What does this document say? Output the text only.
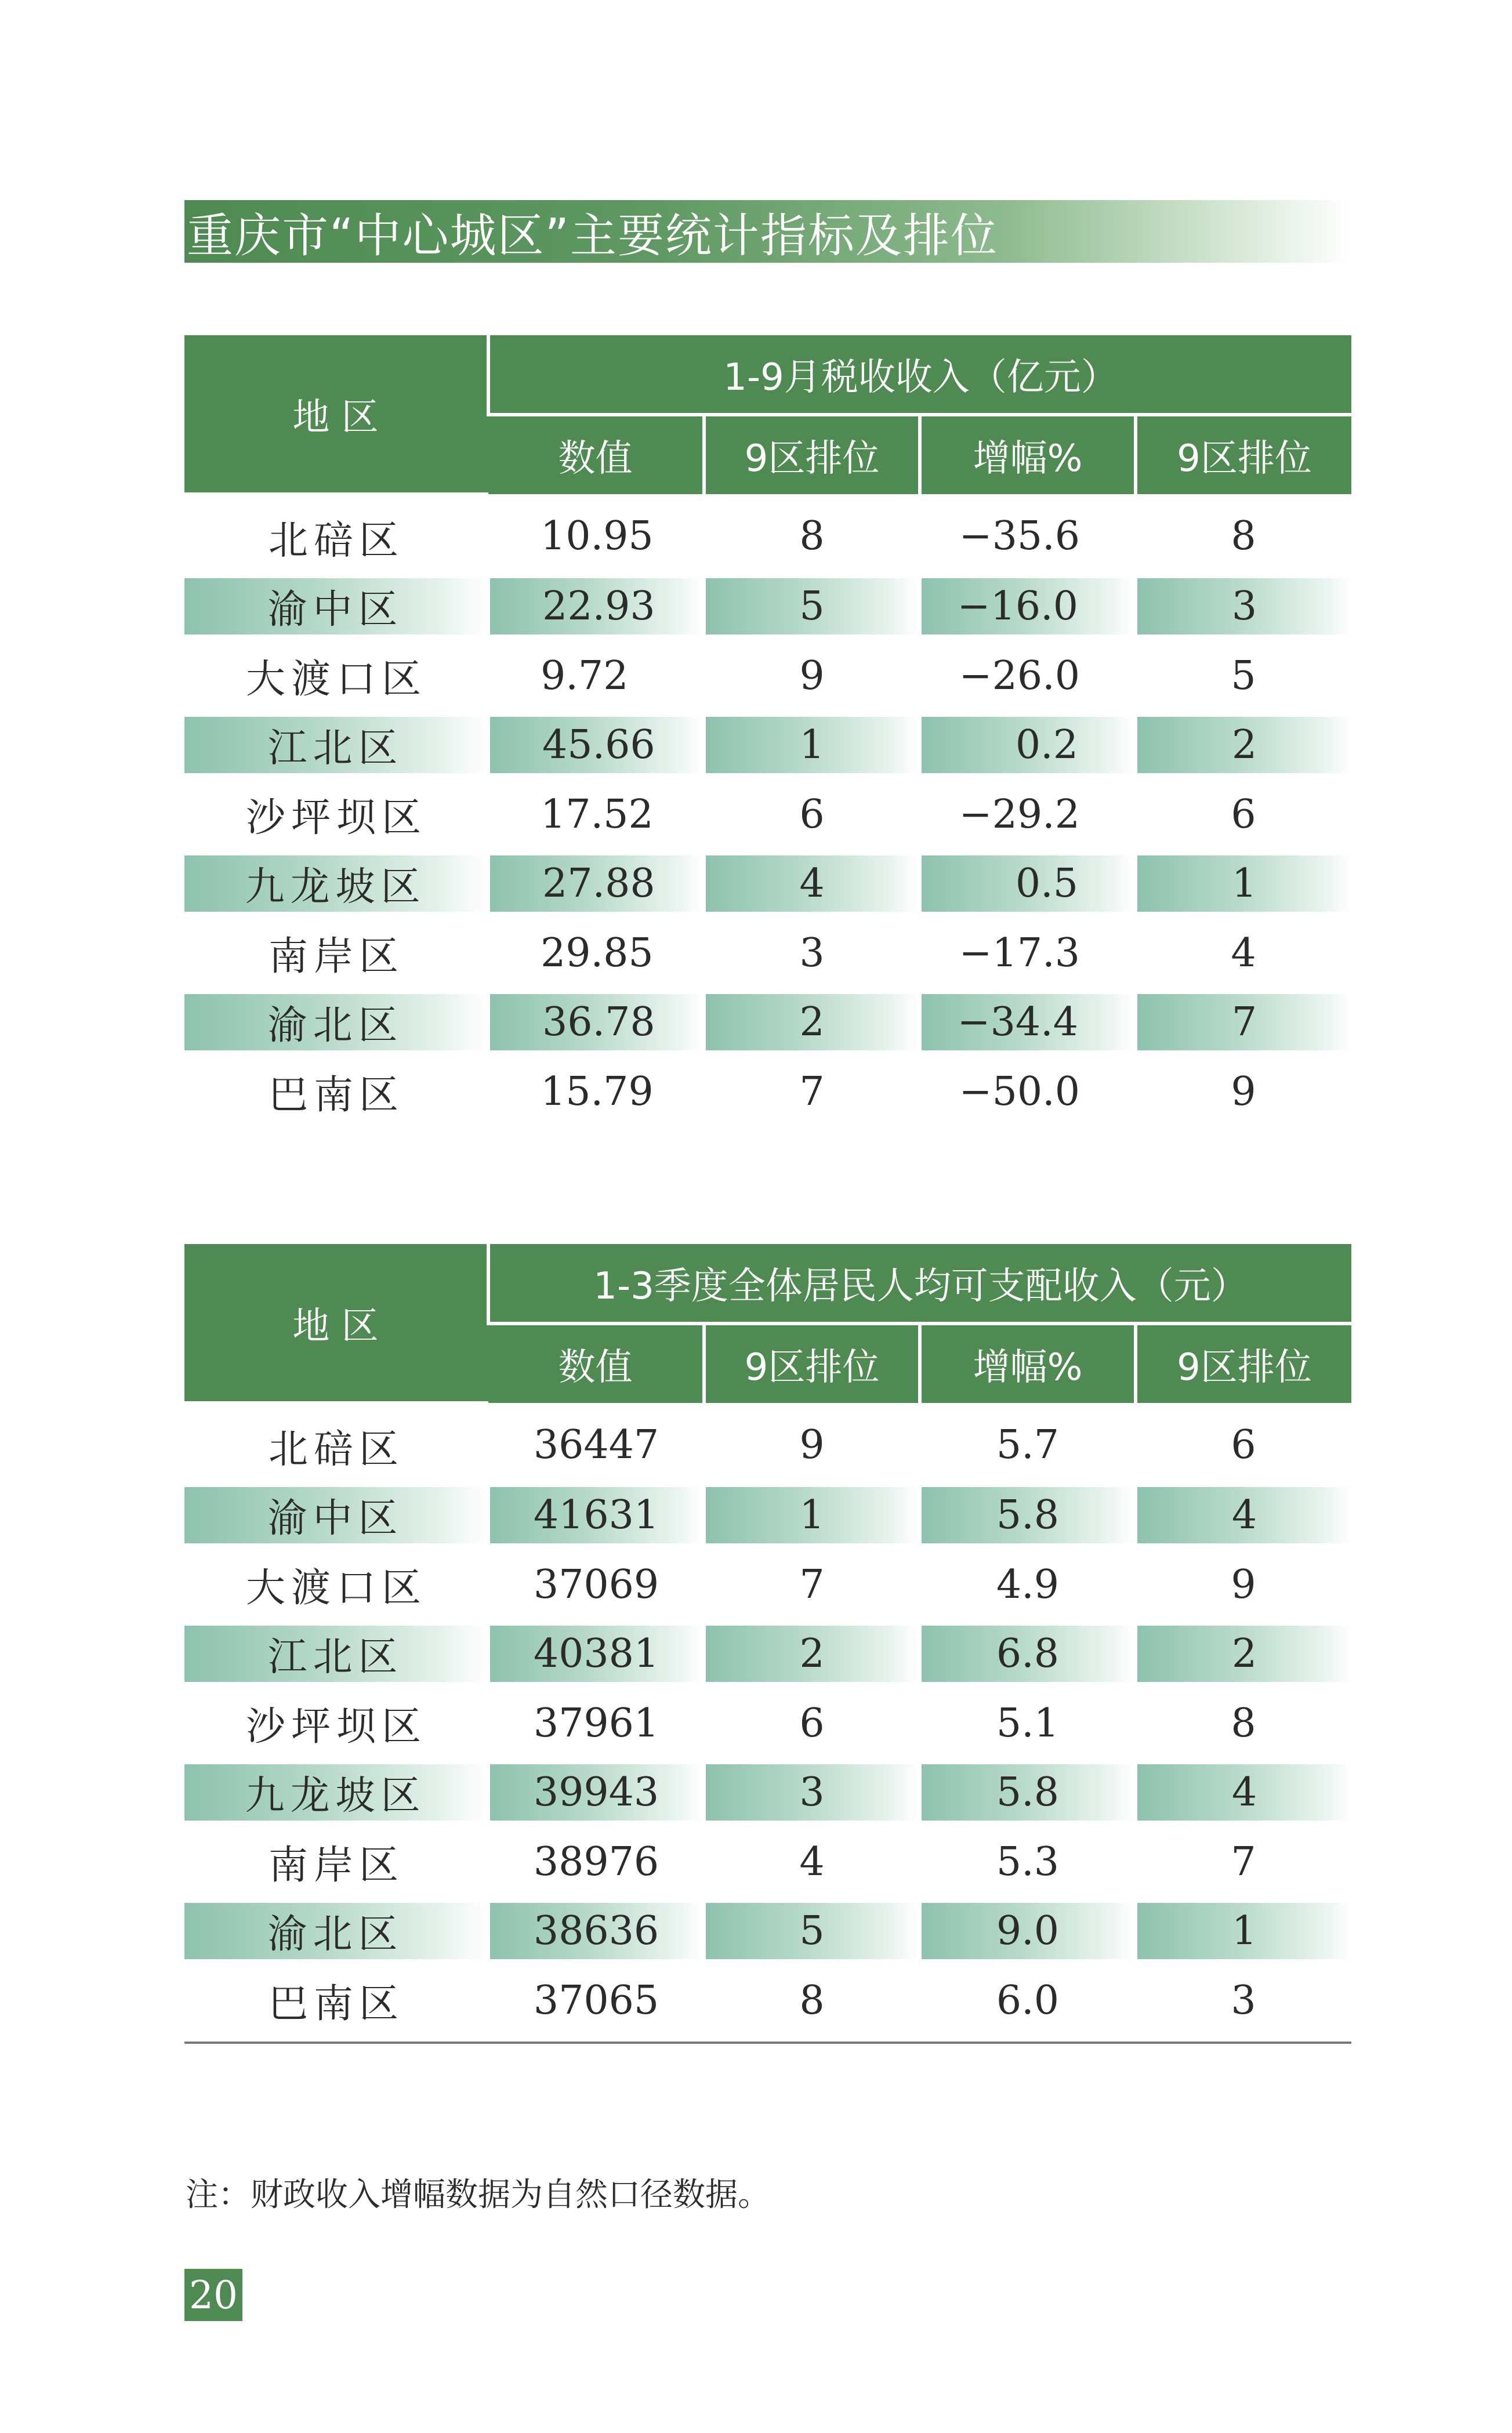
重庆市“中心城区”主要统计指标及排位
地 区	1-9月税收收入（亿元）			
	数值	9区排位	增幅%	9区排位
北碚区	10.95	8	−35.6	8
渝中区	22.93	5	−16.0	3
大渡口区	9.72	9	−26.0	5
江北区	45.66	1	0.2	2
沙坪坝区	17.52	6	−29.2	6
九龙坡区	27.88	4	0.5	1
南岸区	29.85	3	−17.3	4
渝北区	36.78	2	−34.4	7
巴南区	15.79	7	−50.0	9
地 区	1-3季度全体居民人均可支配收入（元）			
	数值	9区排位	增幅%	9区排位
北碚区	36447	9	5.7	6
渝中区	41631	1	5.8	4
大渡口区	37069	7	4.9	9
江北区	40381	2	6.8	2
沙坪坝区	37961	6	5.1	8
九龙坡区	39943	3	5.8	4
南岸区	38976	4	5.3	7
渝北区	38636	5	9.0	1
巴南区	37065	8	6.0	3
注：财政收入增幅数据为自然口径数据。
20
